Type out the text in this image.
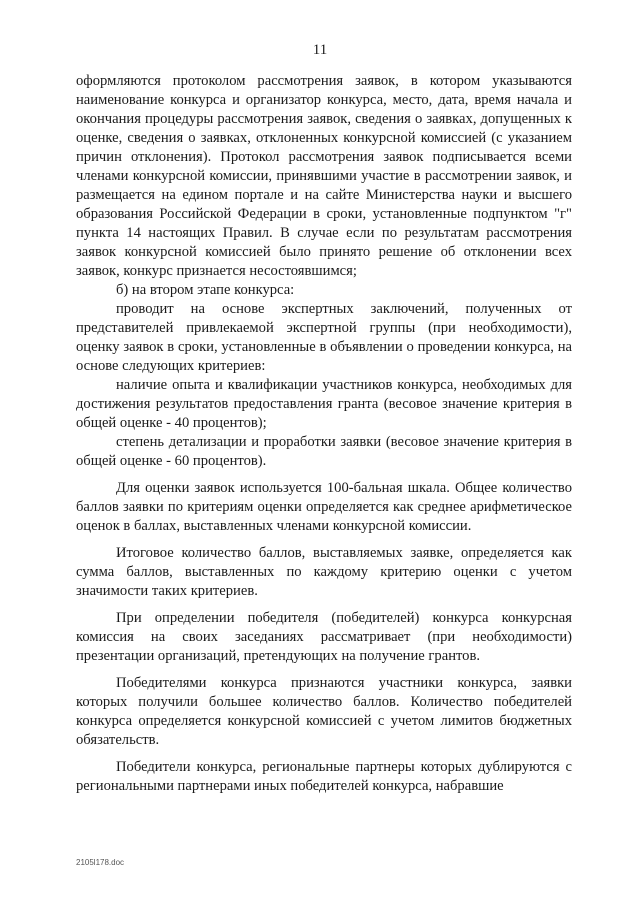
11

оформляются протоколом рассмотрения заявок, в котором указываются наименование конкурса и организатор конкурса, место, дата, время начала и окончания процедуры рассмотрения заявок, сведения о заявках, допущенных к оценке, сведения о заявках, отклоненных конкурсной комиссией (с указанием причин отклонения). Протокол рассмотрения заявок подписывается всеми членами конкурсной комиссии, принявшими участие в рассмотрении заявок, и размещается на едином портале и на сайте Министерства науки и высшего образования Российской Федерации в сроки, установленные подпунктом "г" пункта 14 настоящих Правил. В случае если по результатам рассмотрения заявок конкурсной комиссией было принято решение об отклонении всех заявок, конкурс признается несостоявшимся;

б) на втором этапе конкурса:

проводит на основе экспертных заключений, полученных от представителей привлекаемой экспертной группы (при необходимости), оценку заявок в сроки, установленные в объявлении о проведении конкурса, на основе следующих критериев:

наличие опыта и квалификации участников конкурса, необходимых для достижения результатов предоставления гранта (весовое значение критерия в общей оценке - 40 процентов);

степень детализации и проработки заявки (весовое значение критерия в общей оценке - 60 процентов).

Для оценки заявок используется 100-бальная шкала. Общее количество баллов заявки по критериям оценки определяется как среднее арифметическое оценок в баллах, выставленных членами конкурсной комиссии.

Итоговое количество баллов, выставляемых заявке, определяется как сумма баллов, выставленных по каждому критерию оценки с учетом значимости таких критериев.

При определении победителя (победителей) конкурса конкурсная комиссия на своих заседаниях рассматривает (при необходимости) презентации организаций, претендующих на получение грантов.

Победителями конкурса признаются участники конкурса, заявки которых получили большее количество баллов. Количество победителей конкурса определяется конкурсной комиссией с учетом лимитов бюджетных обязательств.

Победители конкурса, региональные партнеры которых дублируются с региональными партнерами иных победителей конкурса, набравшие

2105l178.doc
